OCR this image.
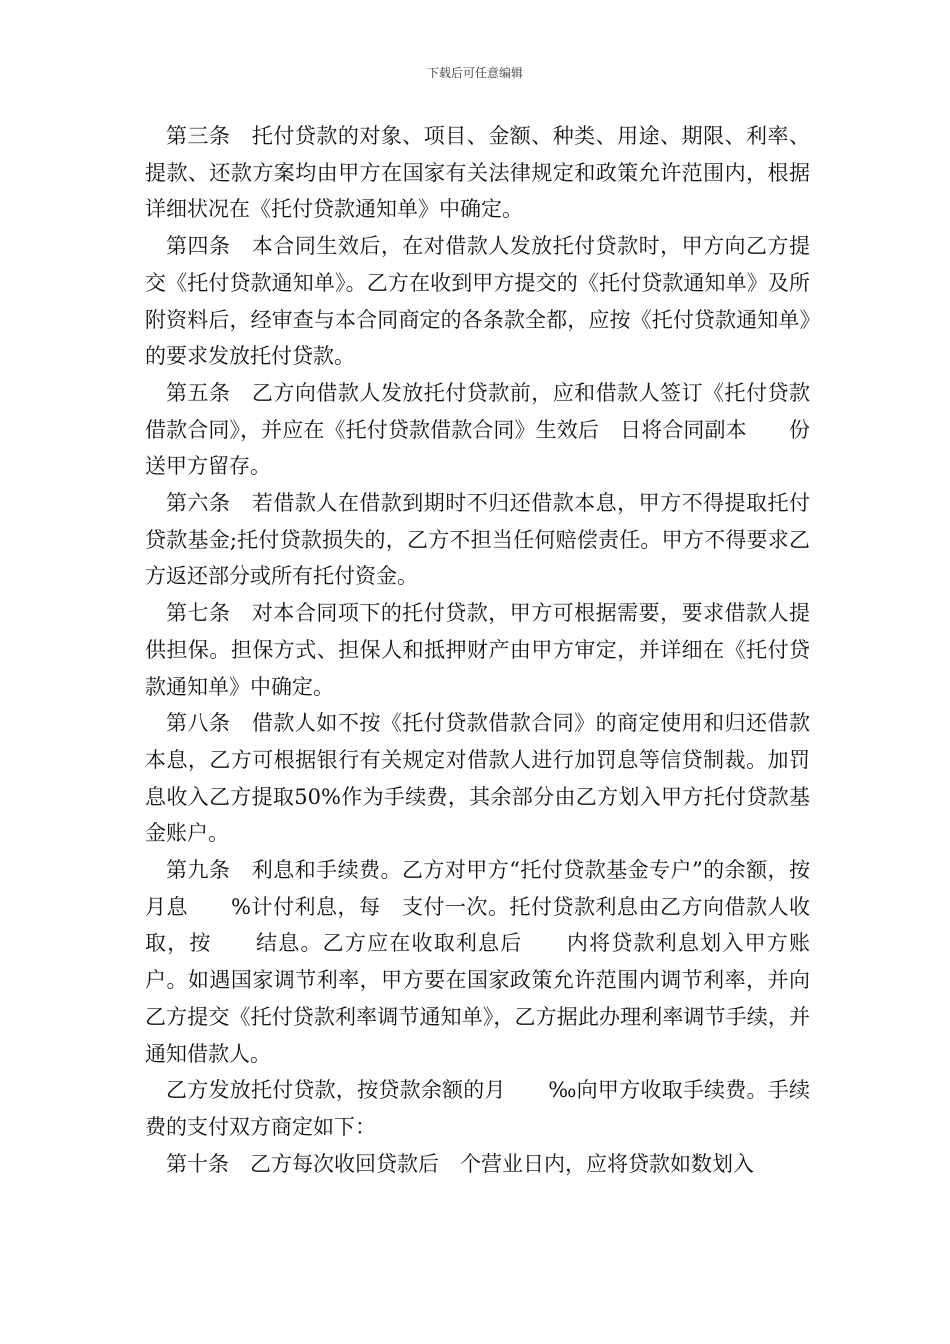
下载后可任意编辑

第三条　托付贷款的对象、项目、金额、种类、用途、期限、利率、提款、还款方案均由甲方在国家有关法律规定和政策允许范围内，根据详细状况在《托付贷款通知单》中确定。

第四条　本合同生效后，在对借款人发放托付贷款时，甲方向乙方提交《托付贷款通知单》。乙方在收到甲方提交的《托付贷款通知单》及所附资料后，经审查与本合同商定的各条款全都，应按《托付贷款通知单》的要求发放托付贷款。

第五条　乙方向借款人发放托付贷款前，应和借款人签订《托付贷款借款合同》，并应在《托付贷款借款合同》生效后　日将合同副本　　份送甲方留存。

第六条　若借款人在借款到期时不归还借款本息，甲方不得提取托付贷款基金;托付贷款损失的，乙方不担当任何赔偿责任。甲方不得要求乙方返还部分或所有托付资金。

第七条　对本合同项下的托付贷款，甲方可根据需要，要求借款人提供担保。担保方式、担保人和抵押财产由甲方审定，并详细在《托付贷款通知单》中确定。

第八条　借款人如不按《托付贷款借款合同》的商定使用和归还借款本息，乙方可根据银行有关规定对借款人进行加罚息等信贷制裁。加罚息收入乙方提取50%作为手续费，其余部分由乙方划入甲方托付贷款基金账户。

第九条　利息和手续费。乙方对甲方“托付贷款基金专户”的余额，按月息　　%计付利息，每　支付一次。托付贷款利息由乙方向借款人收取，按　　结息。乙方应在收取利息后　　内将贷款利息划入甲方账户。如遇国家调节利率，甲方要在国家政策允许范围内调节利率，并向乙方提交《托付贷款利率调节通知单》，乙方据此办理利率调节手续，并通知借款人。

乙方发放托付贷款，按贷款余额的月　　‰向甲方收取手续费。手续费的支付双方商定如下：

第十条　乙方每次收回贷款后　个营业日内，应将贷款如数划入
